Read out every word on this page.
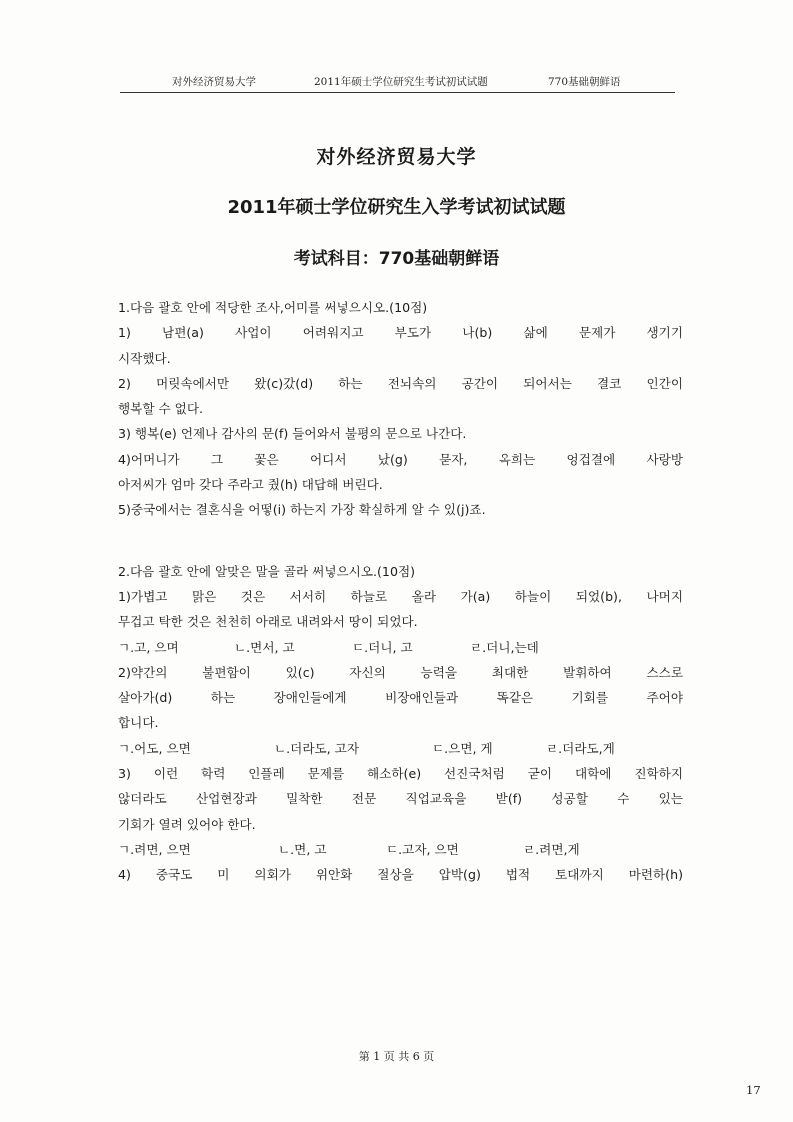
对外经济贸易大学	2011年硕士学位研究生考试初试试题	770基础朝鲜语
对外经济贸易大学
2011年硕士学位研究生入学考试初试试题
考试科目：770基础朝鲜语
1.다음 괄호 안에 적당한 조사,어미를 써넣으시오.(10점)
1) 남편(a) 사업이 어려워지고 부도가 나(b) 삶에 문제가 생기기
시작했다.
2) 머릿속에서만 왔(c)갔(d) 하는 전뇌속의 공간이 되어서는 결코 인간이
행복할 수 없다.
3) 행복(e) 언제나 감사의 문(f) 들어와서 불평의 문으로 나간다.
4)어머니가 그 꽃은 어디서 났(g) 묻자, 옥희는 엉겁결에 사랑방
아저씨가 엄마 갖다 주라고 줬(h) 대답해 버린다.
5)중국에서는 결혼식을 어떻(i) 하는지 가장 확실하게 알 수 있(j)죠.
2.다음 괄호 안에 알맞은 말을 골라 써넣으시오.(10점)
1)가볍고 맑은 것은 서서히 하늘로 올라 가(a) 하늘이 되었(b), 나머지
무겁고 탁한 것은 천천히 아래로 내려와서 땅이 되었다.
ㄱ.고, 으며	ㄴ.면서, 고	ㄷ.더니, 고	ㄹ.더니,는데
2)약간의 불편함이 있(c) 자신의 능력을 최대한 발휘하여 스스로
살아가(d) 하는 장애인들에게 비장애인들과 똑같은 기회를 주어야
합니다.
ㄱ.어도, 으면	ㄴ.더라도, 고자	ㄷ.으면, 게	ㄹ.더라도,게
3) 이런 학력 인플레 문제를 해소하(e) 선진국처럼 굳이 대학에 진학하지
않더라도 산업현장과 밀착한 전문 직업교육을 받(f) 성공할 수 있는
기회가 열려 있어야 한다.
ㄱ.려면, 으면	ㄴ.면, 고	ㄷ.고자, 으면	ㄹ.려면,게
4) 중국도 미 의회가 위안화 절상을 압박(g) 법적 토대까지 마련하(h)
第 1 页 共 6 页
17
